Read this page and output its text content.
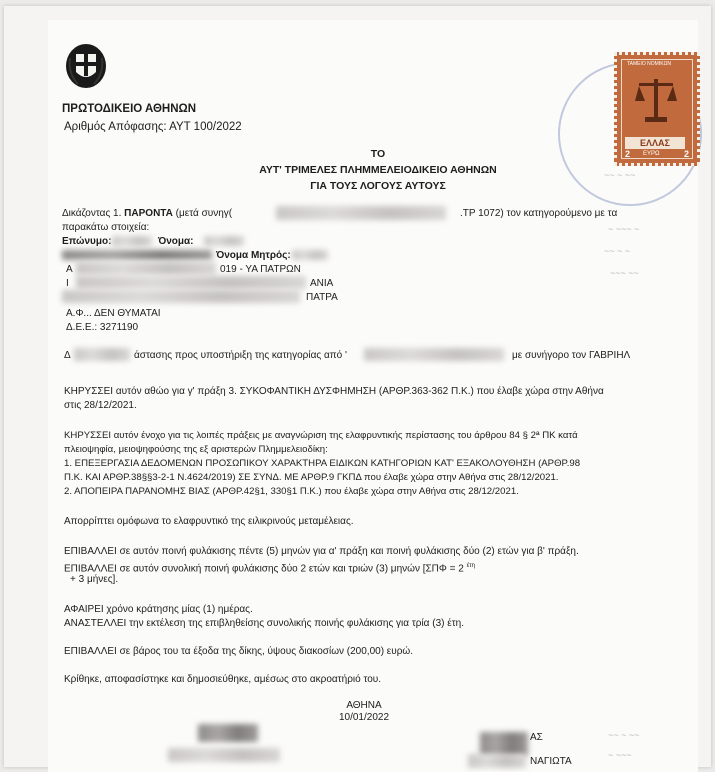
ΠΡΩΤΟΔΙΚΕΙΟ ΑΘΗΝΩΝ
Αριθμός Απόφασης: ΑΥΤ 100/2022
ΤΑΜΕΙΟ ΝΟΜΙΚΩΝ
ΕΛΛΑΣ
2 ΕΥΡΩ	2
~~ ~ ~~
~ ~~~ ~
~~ ~ ~
~~~ ~~
ΤΟ
ΑΥΤ' ΤΡΙΜΕΛΕΣ ΠΛΗΜΜΕΛΕΙΟΔΙΚΕΙΟ ΑΘΗΝΩΝ
ΓΙΑ ΤΟΥΣ ΛΟΓΟΥΣ ΑΥΤΟΥΣ
Δικάζοντας 1. ΠΑΡΟΝΤΑ (μετά συνηγ(	.ΤΡ 1072) τον κατηγορούμενο με τα
παρακάτω στοιχεία:
Επώνυμο:	Όνομα:
Όνομα Μητρός:
Α	019 - ΥΑ ΠΑΤΡΩΝ
Ι	ΑΝΙΑ
ΠΑΤΡΑ
Α.Φ... ΔΕΝ ΘΥΜΑΤΑΙ
Δ.Ε.Ε.: 3271190
Δ	άστασης προς υποστήριξη της κατηγορίας από '	με συνήγορο τον ΓΑΒΡΙΗΛ
ΚΗΡΥΣΣΕΙ αυτόν αθώο για γ' πράξη 3. ΣΥΚΟΦΑΝΤΙΚΗ ΔΥΣΦΗΜΗΣΗ (ΑΡΘΡ.363-362 Π.Κ.) που έλαβε χώρα στην Αθήνα
στις 28/12/2021.
ΚΗΡΥΣΣΕΙ αυτόν ένοχο για τις λοιπές πράξεις με αναγνώριση της ελαφρυντικής περίστασης του άρθρου 84 § 2ª ΠΚ κατά
πλειοψηφία, μειοψηφούσης της εξ αριστερών Πλημμελειοδίκη:
1. ΕΠΕΞΕΡΓΑΣΙΑ ΔΕΔΟΜΕΝΩΝ ΠΡΟΣΩΠΙΚΟΥ ΧΑΡΑΚΤΗΡΑ ΕΙΔΙΚΩΝ ΚΑΤΗΓΟΡΙΩΝ ΚΑΤ' ΕΞΑΚΟΛΟΥΘΗΣΗ (ΑΡΘΡ.98
Π.Κ. ΚΑΙ ΑΡΘΡ.38§§3-2-1 Ν.4624/2019) ΣΕ ΣΥΝΔ. ΜΕ ΑΡΘΡ.9 ΓΚΠΔ που έλαβε χώρα στην Αθήνα στις 28/12/2021.
2. ΑΠΟΠΕΙΡΑ ΠΑΡΑΝΟΜΗΣ ΒΙΑΣ (ΑΡΘΡ.42§1, 330§1 Π.Κ.) που έλαβε χώρα στην Αθήνα στις 28/12/2021.
Απορρίπτει ομόφωνα το ελαφρυντικό της ειλικρινούς μεταμέλειας.
ΕΠΙΒΑΛΛΕΙ σε αυτόν ποινή φυλάκισης πέντε (5) μηνών για α' πράξη και ποινή φυλάκισης δύο (2) ετών για β' πράξη.
ΕΠΙΒΑΛΛΕΙ σε αυτόν συνολική ποινή φυλάκισης δύο 2 ετών και τριών (3) μηνών [ΣΠΦ = 2 $^{έ\tau\eta}$
+ 3 μήνες].
ΑΦΑΙΡΕΙ χρόνο κράτησης μίας (1) ημέρας.
ΑΝΑΣΤΕΛΛΕΙ την εκτέλεση της επιβληθείσης συνολικής ποινής φυλάκισης για τρία (3) έτη.
ΕΠΙΒΑΛΛΕΙ σε βάρος του τα έξοδα της δίκης, ύψους διακοσίων (200,00) ευρώ.
Κρίθηκε, αποφασίστηκε και δημοσιεύθηκε, αμέσως στο ακροατήριό του.
ΑΘΗΝΑ
10/01/2022
ΑΣ
ΝΑΓΙΩΤΑ
~~ ~ ~~
~ ~~~
